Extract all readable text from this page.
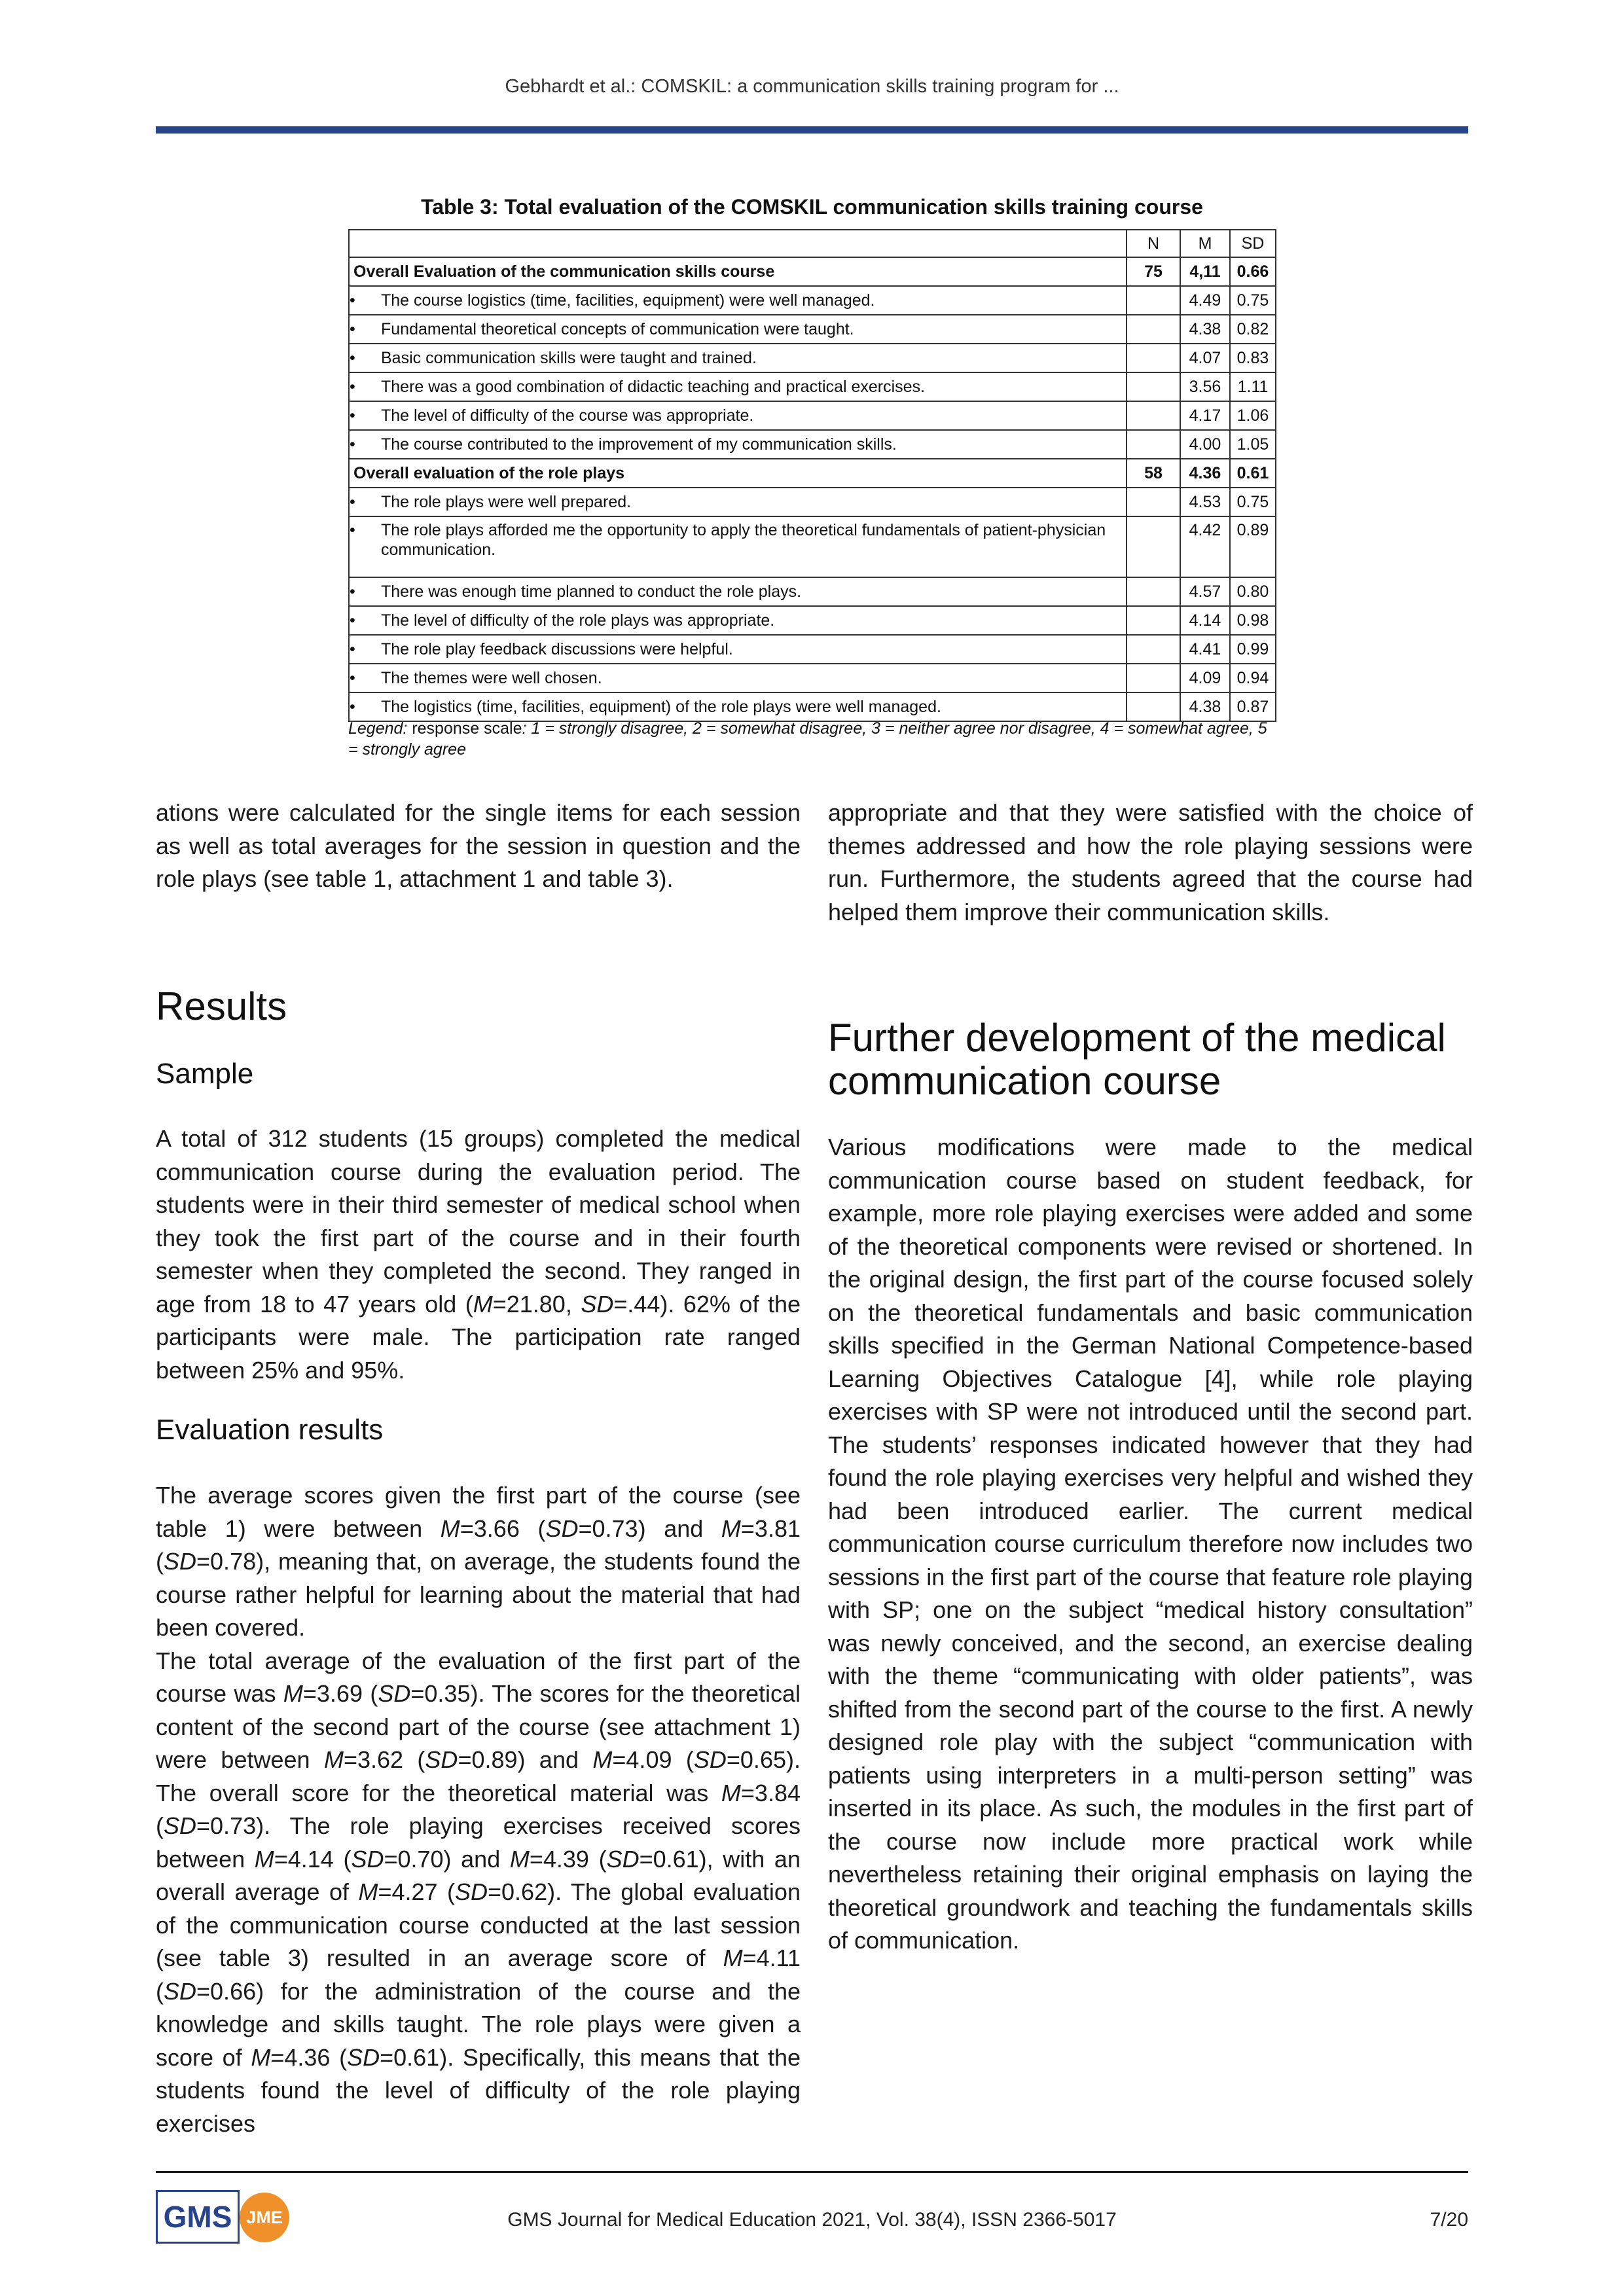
Gebhardt et al.: COMSKIL: a communication skills training program for ...
Table 3: Total evaluation of the COMSKIL communication skills training course
	N	M	SD
Overall Evaluation of the communication skills course	75	4,11	0.66
•The course logistics (time, facilities, equipment) were well managed.		4.49	0.75
•Fundamental theoretical concepts of communication were taught.		4.38	0.82
•Basic communication skills were taught and trained.		4.07	0.83
•There was a good combination of didactic teaching and practical exercises.		3.56	1.11
•The level of difficulty of the course was appropriate.		4.17	1.06
•The course contributed to the improvement of my communication skills.		4.00	1.05
Overall evaluation of the role plays	58	4.36	0.61
•The role plays were well prepared.		4.53	0.75
•The role plays afforded me the opportunity to apply the theoretical fundamentals of patient-physician communication.		4.42	0.89
•There was enough time planned to conduct the role plays.		4.57	0.80
•The level of difficulty of the role plays was appropriate.		4.14	0.98
•The role play feedback discussions were helpful.		4.41	0.99
•The themes were well chosen.		4.09	0.94
•The logistics (time, facilities, equipment) of the role plays were well managed.		4.38	0.87
Legend: response scale: 1 = strongly disagree, 2 = somewhat disagree, 3 = neither agree nor disagree, 4 = somewhat agree, 5 = strongly agree

ations were calculated for the single items for each session as well as total averages for the session in question and the role plays (see table 1, attachment 1 and table 3).

Results
Sample

A total of 312 students (15 groups) completed the medical communication course during the evaluation period. The students were in their third semester of medical school when they took the first part of the course and in their fourth semester when they completed the second. They ranged in age from 18 to 47 years old (M=21.80, SD=.44). 62% of the participants were male. The participation rate ranged between 25% and 95%.

Evaluation results

The average scores given the first part of the course (see table 1) were between M=3.66 (SD=0.73) and M=3.81 (SD=0.78), meaning that, on average, the students found the course rather helpful for learning about the material that had been covered.

The total average of the evaluation of the first part of the course was M=3.69 (SD=0.35). The scores for the theoretical content of the second part of the course (see attachment 1) were between M=3.62 (SD=0.89) and M=4.09 (SD=0.65). The overall score for the theoretical material was M=3.84 (SD=0.73). The role playing exercises received scores between M=4.14 (SD=0.70) and M=4.39 (SD=0.61), with an overall average of M=4.27 (SD=0.62). The global evaluation of the communication course conducted at the last session (see table 3) resulted in an average score of M=4.11 (SD=0.66) for the administration of the course and the knowledge and skills taught. The role plays were given a score of M=4.36 (SD=0.61). Specifically, this means that the students found the level of difficulty of the role playing exercises

appropriate and that they were satisfied with the choice of themes addressed and how the role playing sessions were run. Furthermore, the students agreed that the course had helped them improve their communication skills.

Further development of the medical communication course

Various modifications were made to the medical communication course based on student feedback, for example, more role playing exercises were added and some of the theoretical components were revised or shortened. In the original design, the first part of the course focused solely on the theoretical fundamentals and basic communication skills specified in the German National Competence-based Learning Objectives Catalogue [4], while role playing exercises with SP were not introduced until the second part. The students’ responses indicated however that they had found the role playing exercises very helpful and wished they had been introduced earlier. The current medical communication course curriculum therefore now includes two sessions in the first part of the course that feature role playing with SP; one on the subject “medical history consultation” was newly conceived, and the second, an exercise dealing with the theme “communicating with older patients”, was shifted from the second part of the course to the first. A newly designed role play with the subject “communication with patients using interpreters in a multi-person setting” was inserted in its place. As such, the modules in the first part of the course now include more practical work while nevertheless retaining their original emphasis on laying the theoretical groundwork and teaching the fundamentals skills of communication.

GMS JME	GMS Journal for Medical Education 2021, Vol. 38(4), ISSN 2366-5017	7/20
